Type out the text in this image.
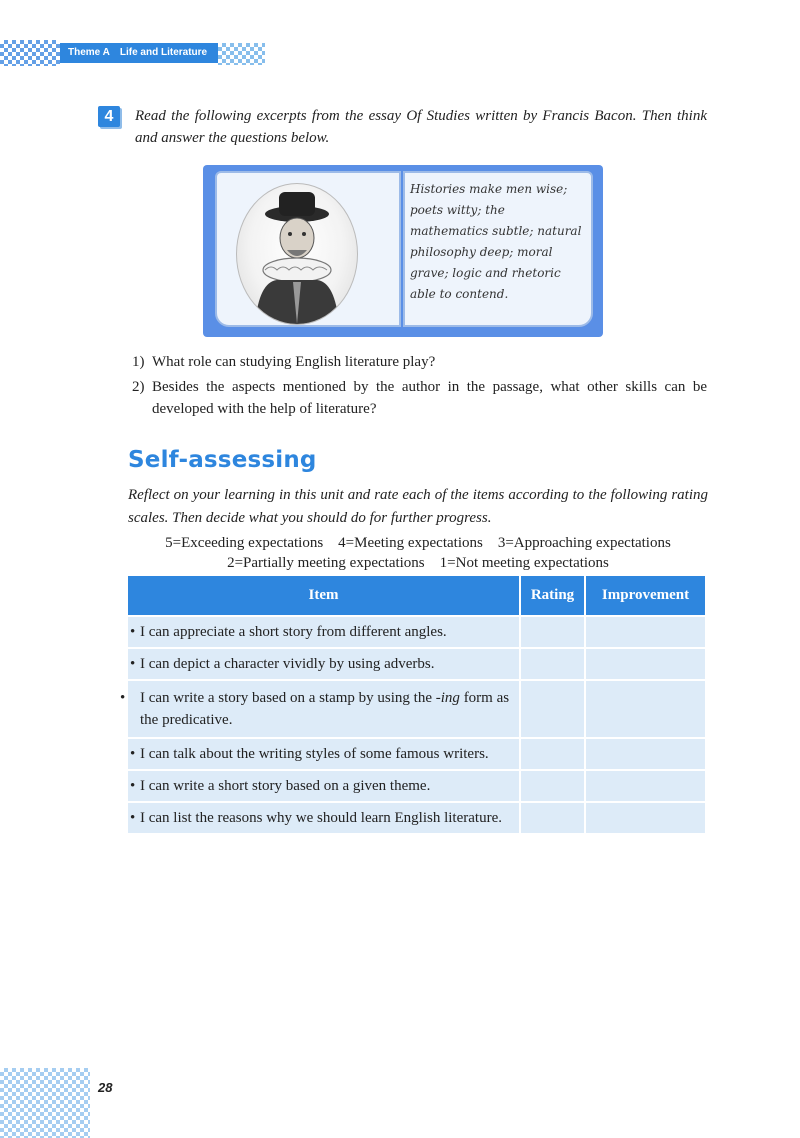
Theme A Life and Literature
4	Read the following excerpts from the essay Of Studies written by Francis Bacon. Then think and answer the questions below.
Histories make men wise; poets witty; the mathematics subtle; natural philosophy deep; moral grave; logic and rhetoric able to contend.
1) What role can studying English literature play?
2) Besides the aspects mentioned by the author in the passage, what other skills can be developed with the help of literature?
Self-assessing
Reflect on your learning in this unit and rate each of the items according to the following rating scales. Then decide what you should do for further progress.
5=Exceeding expectations    4=Meeting expectations    3=Approaching expectations
2=Partially meeting expectations    1=Not meeting expectations
Item	Rating	Improvement
• I can appreciate a short story from different angles.		
• I can depict a character vividly by using adverbs.		
• I can write a story based on a stamp by using the -ing form as the predicative.		
• I can talk about the writing styles of some famous writers.		
• I can write a short story based on a given theme.		
• I can list the reasons why we should learn English literature.		
28
